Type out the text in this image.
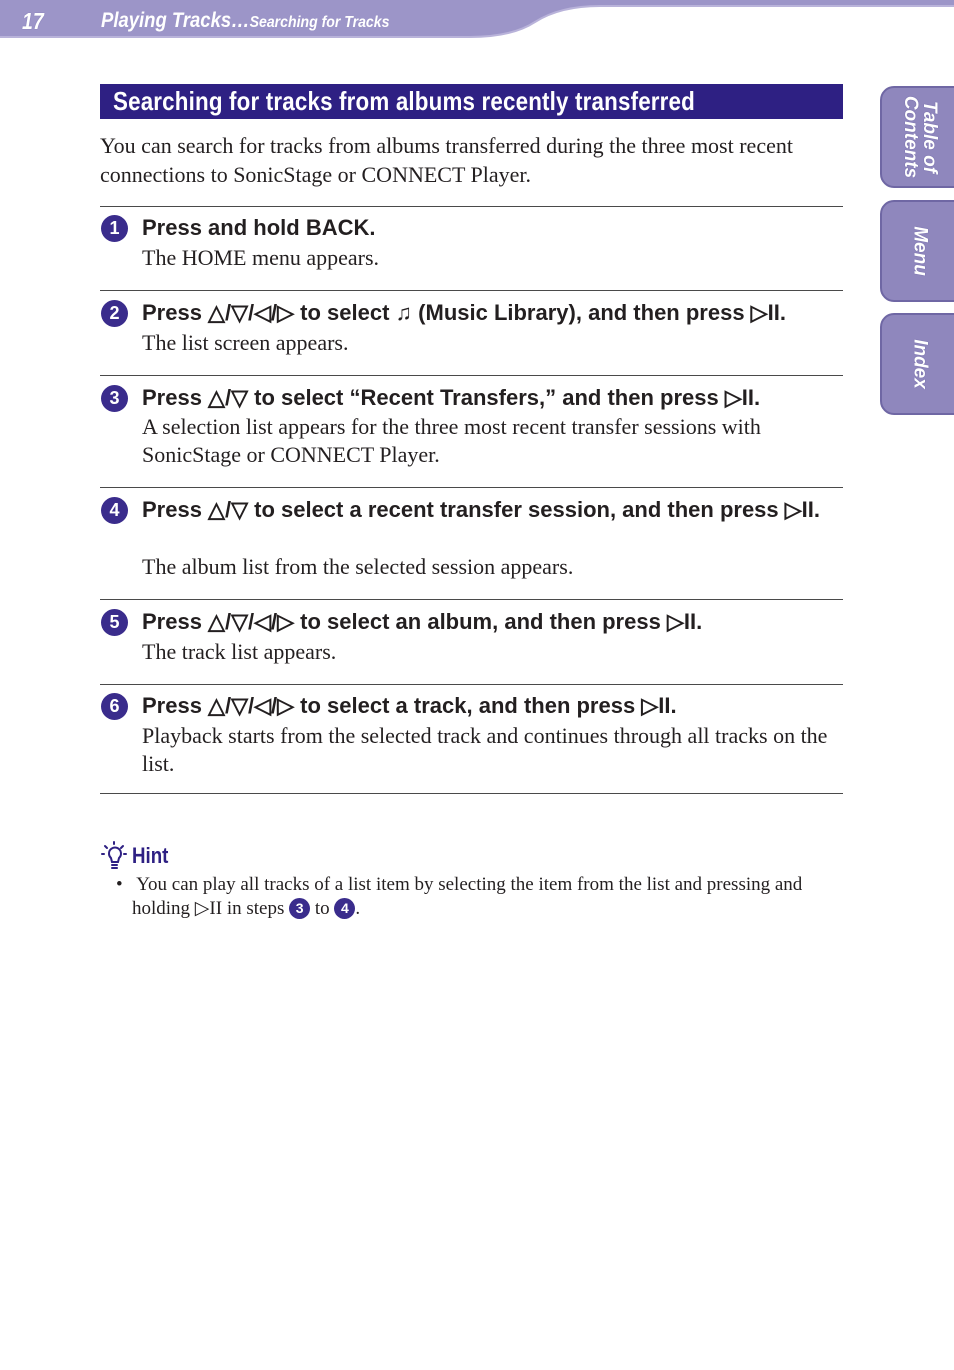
17	Playing Tracks…Searching for Tracks
Table of Contents
Menu
Index
Searching for tracks from albums recently transferred

You can search for tracks from albums transferred during the three most recent connections to SonicStage or CONNECT Player.

1	Press and hold BACK.

The HOME menu appears.

2	Press △/▽/◁/▷ to select ♫ (Music Library), and then press ▷II.

The list screen appears.

3	Press △/▽ to select “Recent Transfers,” and then press ▷II.

A selection list appears for the three most recent transfer sessions with SonicStage or CONNECT Player.

4	Press △/▽ to select a recent transfer session, and then press ▷II.

The album list from the selected session appears.

5	Press △/▽/◁/▷ to select an album, and then press ▷II.

The track list appears.

6	Press △/▽/◁/▷ to select a track, and then press ▷II.

Playback starts from the selected track and continues through all tracks on the list.

Hint

• You can play all tracks of a list item by selecting the item from the list and pressing and holding ▷II in steps 3 to 4 .
